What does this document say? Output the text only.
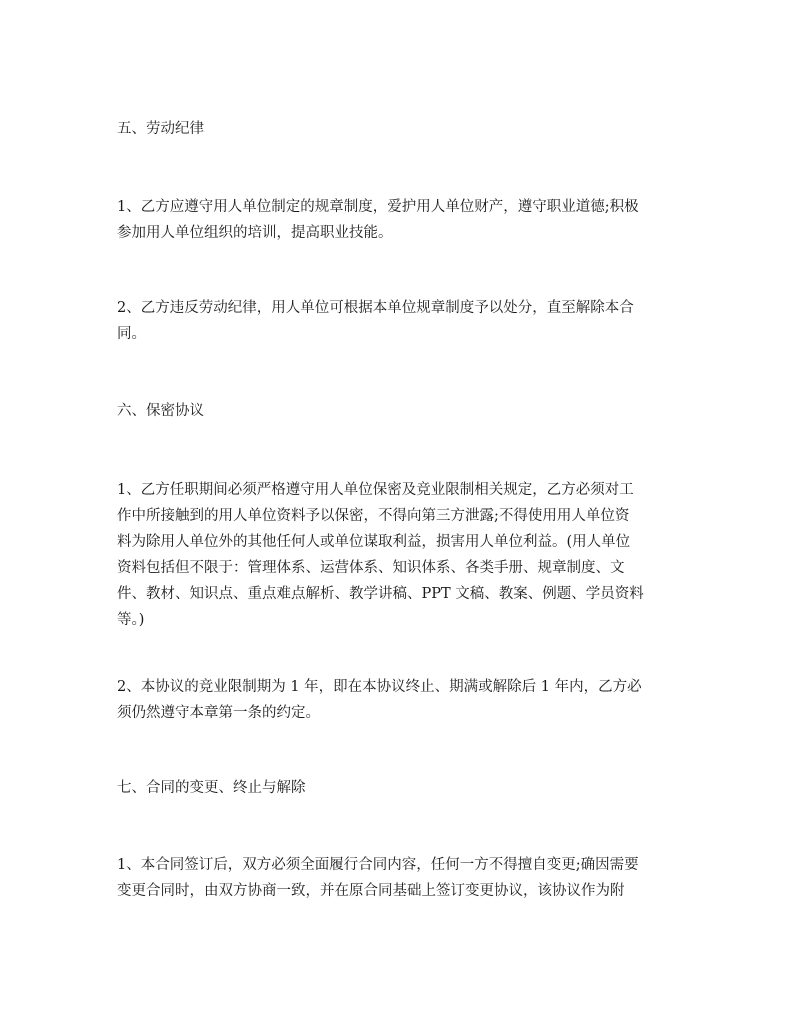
五、劳动纪律

1、乙方应遵守用人单位制定的规章制度，爱护用人单位财产，遵守职业道德;积极
参加用人单位组织的培训，提高职业技能。

2、乙方违反劳动纪律，用人单位可根据本单位规章制度予以处分，直至解除本合
同。

六、保密协议

1、乙方任职期间必须严格遵守用人单位保密及竞业限制相关规定，乙方必须对工
作中所接触到的用人单位资料予以保密，不得向第三方泄露;不得使用用人单位资
料为除用人单位外的其他任何人或单位谋取利益，损害用人单位利益。(用人单位
资料包括但不限于：管理体系、运营体系、知识体系、各类手册、规章制度、文
件、教材、知识点、重点难点解析、教学讲稿、PPT 文稿、教案、例题、学员资料
等。)

2、本协议的竞业限制期为 1 年，即在本协议终止、期满或解除后 1 年内，乙方必
须仍然遵守本章第一条的约定。

七、合同的变更、终止与解除

1、本合同签订后，双方必须全面履行合同内容，任何一方不得擅自变更;确因需要
变更合同时，由双方协商一致，并在原合同基础上签订变更协议，该协议作为附
